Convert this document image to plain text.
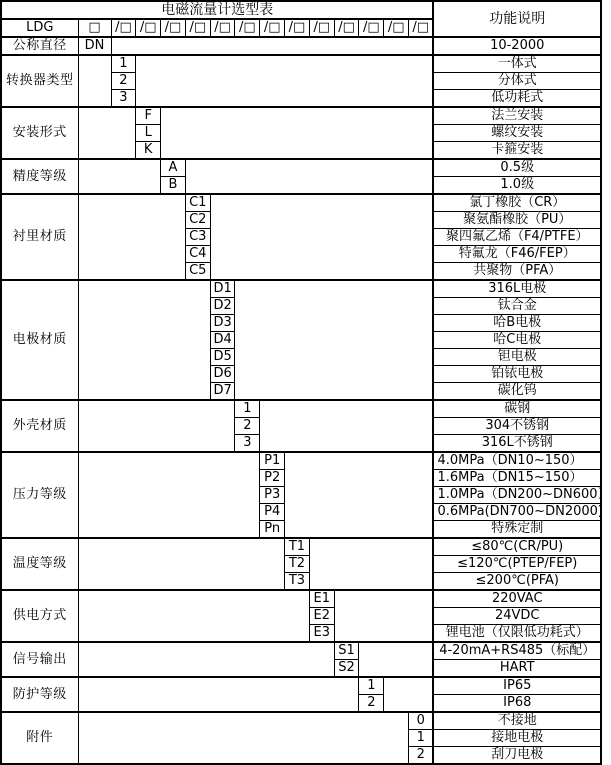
电磁流量计选型表															功能说明
LDG	□	/□	/□	/□	/□	/□	/□	/□	/□	/□	/□	/□	/□	/□	
公称直径	DN														10-2000
转换器类型		1													一体式
		2													分体式
		3													低功耗式
安装形式			F												法兰安装
			L												螺纹安装
			K												卡箍安装
精度等级				A											0.5级
				B											1.0级
衬里材质					C1										氯丁橡胶（CR）
					C2										聚氨酯橡胶（PU）
					C3										聚四氟乙烯（F4/PTFE）
					C4										特氟龙（F46/FEP）
					C5										共聚物（PFA）
电极材质						D1									316L电极
						D2									钛合金
						D3									哈B电极
						D4									哈C电极
						D5									钽电极
						D6									铂铱电极
						D7									碳化钨
外壳材质							1								碳钢
							2								304不锈钢
							3								316L不锈钢
压力等级								P1							4.0MPa（DN10~150）
								P2							1.6MPa（DN15~150）
								P3							1.0MPa（DN200~DN600）
								P4							0.6MPa(DN700~DN2000)
								Pn							特殊定制
温度等级									T1						≤80℃(CR/PU)
									T2						≤120℃(PTEP/FEP)
									T3						≤200℃(PFA)
供电方式										E1					220VAC
										E2					24VDC
										E3					锂电池（仅限低功耗式）
信号输出											S1				4-20mA+RS485（标配）
											S2				HART
防护等级												1			IP65
												2			IP68
附件														0	不接地
														1	接地电极
														2	刮刀电极
